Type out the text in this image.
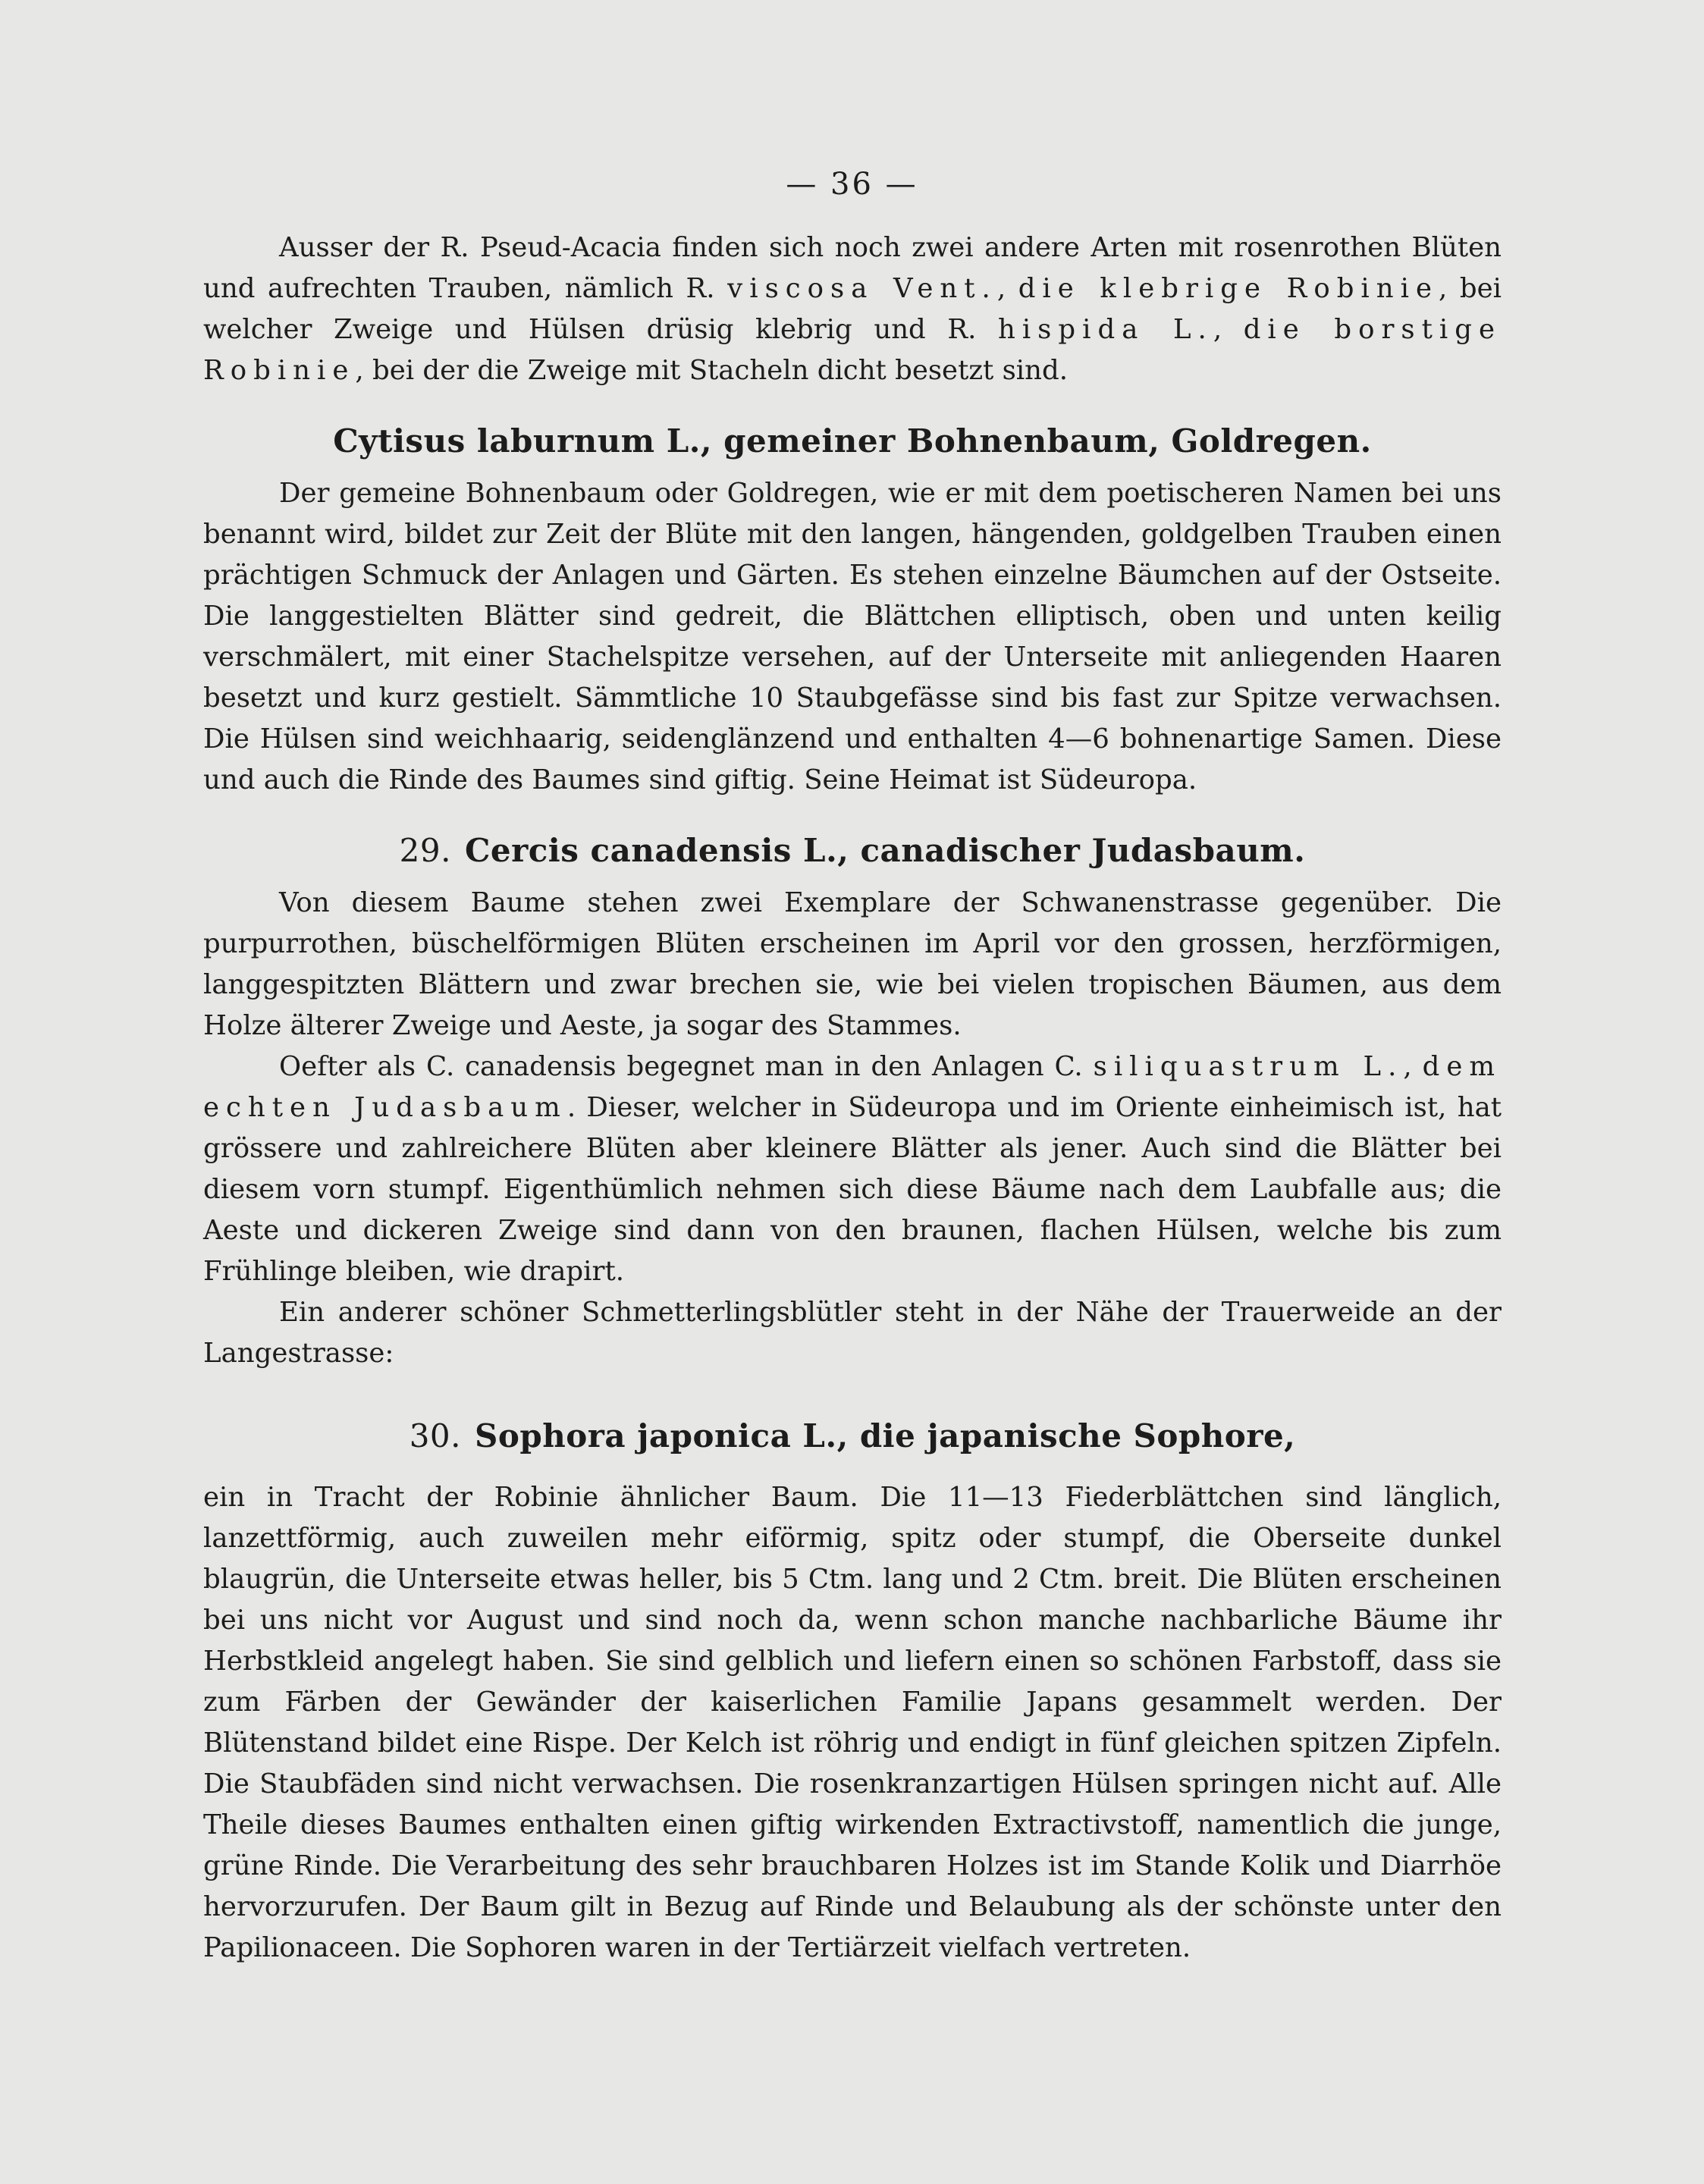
— 36 —

Ausser der R. Pseud-Acacia finden sich noch zwei andere Arten mit rosenrothen Blüten und aufrechten Trauben, nämlich R. viscosa Vent., die klebrige Robinie, bei welcher Zweige und Hülsen drüsig klebrig und R. hispida L., die borstige Robinie, bei der die Zweige mit Stacheln dicht besetzt sind.

Cytisus laburnum L., gemeiner Bohnenbaum, Goldregen.

Der gemeine Bohnenbaum oder Goldregen, wie er mit dem poetischeren Namen bei uns benannt wird, bildet zur Zeit der Blüte mit den langen, hängenden, goldgelben Trauben einen prächtigen Schmuck der Anlagen und Gärten. Es stehen einzelne Bäumchen auf der Ostseite. Die langgestielten Blätter sind gedreit, die Blättchen elliptisch, oben und unten keilig verschmälert, mit einer Stachelspitze versehen, auf der Unterseite mit anliegenden Haaren besetzt und kurz gestielt. Sämmtliche 10 Staubgefässe sind bis fast zur Spitze verwachsen. Die Hülsen sind weichhaarig, seidenglänzend und enthalten 4—6 bohnenartige Samen. Diese und auch die Rinde des Baumes sind giftig. Seine Heimat ist Südeuropa.

29. Cercis canadensis L., canadischer Judasbaum.

Von diesem Baume stehen zwei Exemplare der Schwanenstrasse gegenüber. Die purpurrothen, büschelförmigen Blüten erscheinen im April vor den grossen, herzförmigen, langgespitzten Blättern und zwar brechen sie, wie bei vielen tropischen Bäumen, aus dem Holze älterer Zweige und Aeste, ja sogar des Stammes.

Oefter als C. canadensis begegnet man in den Anlagen C. siliquastrum L., dem echten Judasbaum. Dieser, welcher in Südeuropa und im Oriente einheimisch ist, hat grössere und zahlreichere Blüten aber kleinere Blätter als jener. Auch sind die Blätter bei diesem vorn stumpf. Eigenthümlich nehmen sich diese Bäume nach dem Laubfalle aus; die Aeste und dickeren Zweige sind dann von den braunen, flachen Hülsen, welche bis zum Frühlinge bleiben, wie drapirt.

Ein anderer schöner Schmetterlingsblütler steht in der Nähe der Trauerweide an der Langestrasse:

30. Sophora japonica L., die japanische Sophore,

ein in Tracht der Robinie ähnlicher Baum. Die 11—13 Fiederblättchen sind länglich, lanzettförmig, auch zuweilen mehr eiförmig, spitz oder stumpf, die Oberseite dunkel blaugrün, die Unterseite etwas heller, bis 5 Ctm. lang und 2 Ctm. breit. Die Blüten erscheinen bei uns nicht vor August und sind noch da, wenn schon manche nachbarliche Bäume ihr Herbstkleid angelegt haben. Sie sind gelblich und liefern einen so schönen Farbstoff, dass sie zum Färben der Gewänder der kaiserlichen Familie Japans gesammelt werden. Der Blütenstand bildet eine Rispe. Der Kelch ist röhrig und endigt in fünf gleichen spitzen Zipfeln. Die Staubfäden sind nicht verwachsen. Die rosenkranzartigen Hülsen springen nicht auf. Alle Theile dieses Baumes enthalten einen giftig wirkenden Extractivstoff, namentlich die junge, grüne Rinde. Die Verarbeitung des sehr brauchbaren Holzes ist im Stande Kolik und Diarrhöe hervorzurufen. Der Baum gilt in Bezug auf Rinde und Belaubung als der schönste unter den Papilionaceen. Die Sophoren waren in der Tertiärzeit vielfach vertreten.
